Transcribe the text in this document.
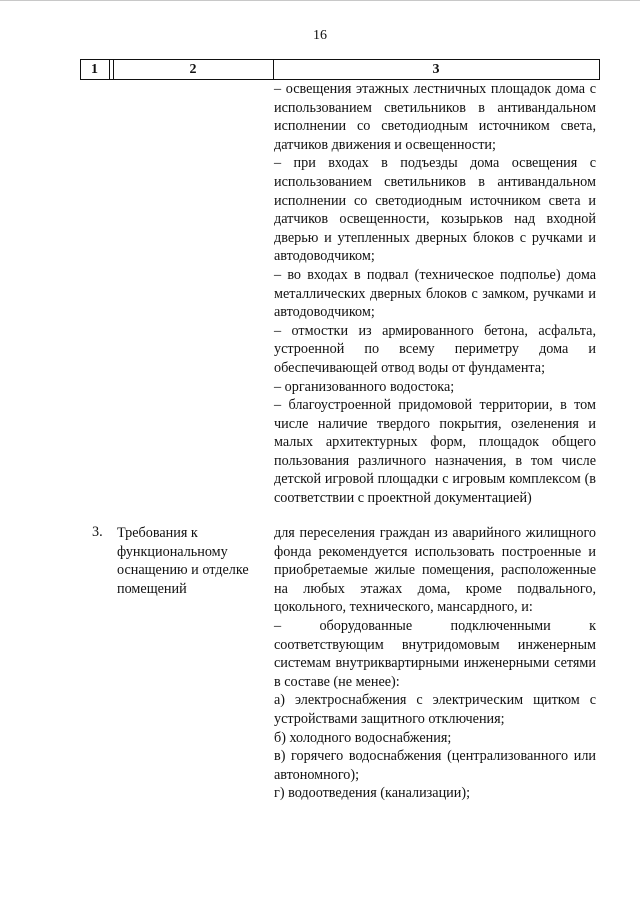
16
1	2	3
– освещения этажных лестничных площадок дома с использованием светильников в антивандальном исполнении со светодиодным источником света, датчиков движения и освещенности;
– при входах в подъезды дома освещения с использованием светильников в антивандальном исполнении со светодиодным источником света и датчиков освещенности, козырьков над входной дверью и утепленных дверных блоков с ручками и автодоводчиком;
– во входах в подвал (техническое подполье) дома металлических дверных блоков с замком, ручками и автодоводчиком;
– отмостки из армированного бетона, асфальта, устроенной по всему периметру дома и обеспечивающей отвод воды от фундамента;
– организованного водостока;
– благоустроенной придомовой территории, в том числе наличие твердого покрытия, озеленения и малых архитектурных форм, площадок общего пользования различного назначения, в том числе детской игровой площадки с игровым комплексом (в соответствии с проектной документацией)
3. Требования к функциональному оснащению и отделке помещений
для переселения граждан из аварийного жилищного фонда рекомендуется использовать построенные и приобретаемые жилые помещения, расположенные на любых этажах дома, кроме подвального, цокольного, технического, мансардного, и:
– оборудованные подключенными к соответствующим внутридомовым инженерным системам внутриквартирными инженерными сетями в составе (не менее):
а) электроснабжения с электрическим щитком с устройствами защитного отключения;
б) холодного водоснабжения;
в) горячего водоснабжения (централизованного или автономного);
г) водоотведения (канализации);
